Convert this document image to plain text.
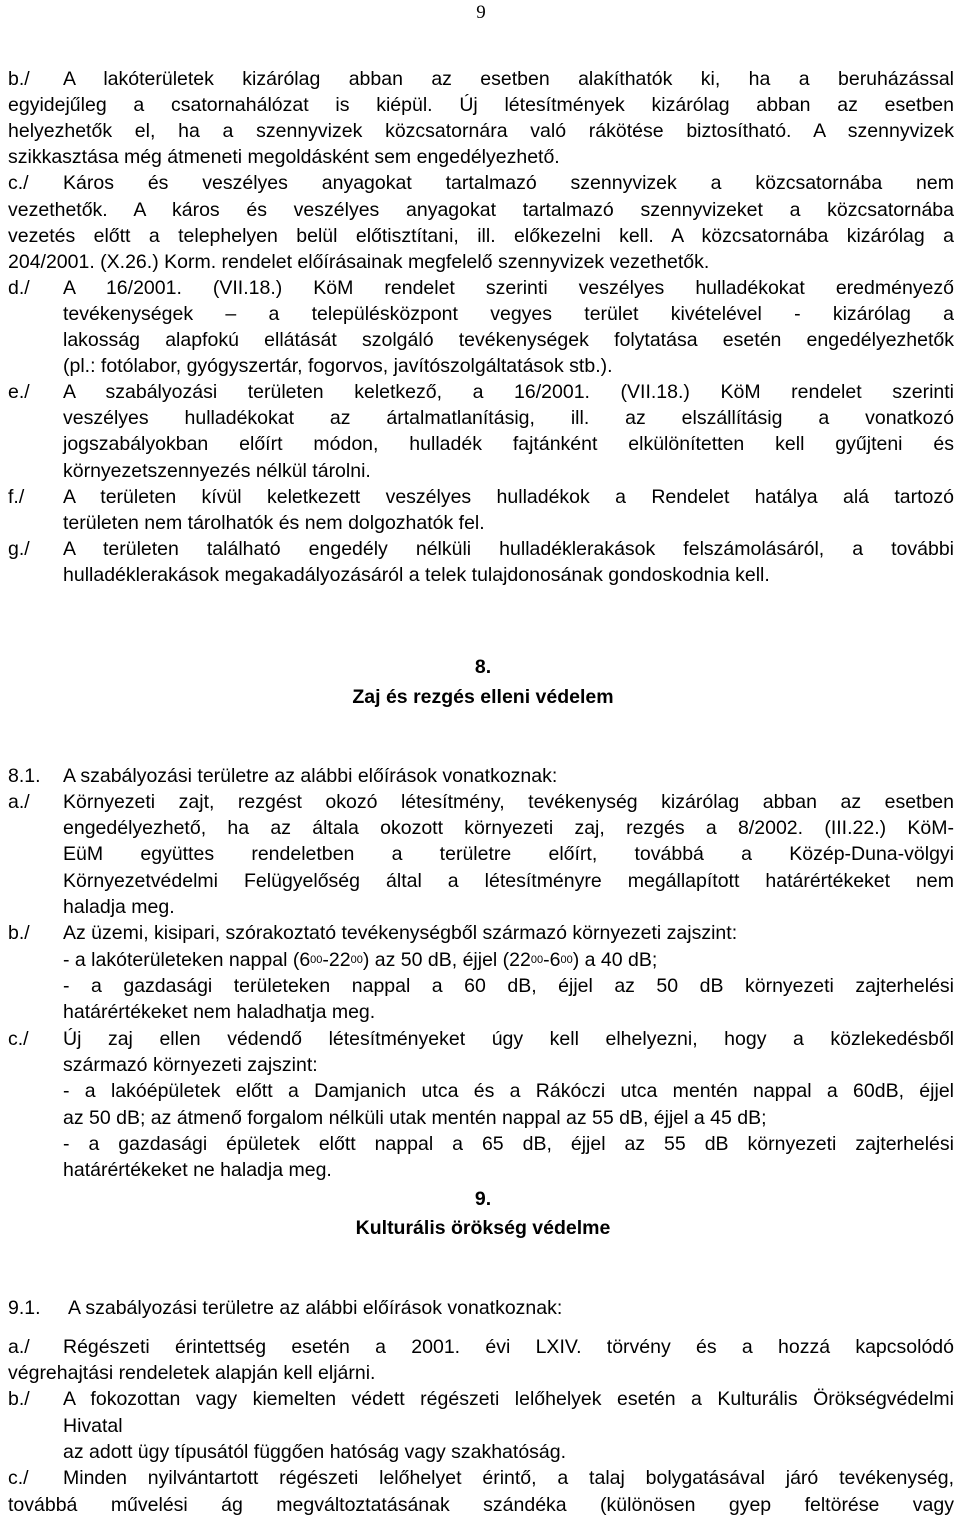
9
b./ A lakóterületek kizárólag abban az esetben alakíthatók ki, ha a beruházással
egyidejűleg a csatornahálózat is kiépül. Új létesítmények kizárólag abban az esetben
helyezhetők el, ha a szennyvizek közcsatornára való rákötése biztosítható. A szennyvizek
szikkasztása még átmeneti megoldásként sem engedélyezhető.
c./ Káros és veszélyes anyagokat tartalmazó szennyvizek a közcsatornába nem
vezethetők. A káros és veszélyes anyagokat tartalmazó szennyvizeket a közcsatornába
vezetés előtt a telephelyen belül előtisztítani, ill. előkezelni kell. A közcsatornába kizárólag a
204/2001. (X.26.) Korm. rendelet előírásainak megfelelő szennyvizek vezethetők.
d./ A 16/2001. (VII.18.) KöM rendelet szerinti veszélyes hulladékokat eredményező
tevékenységek – a településközpont vegyes terület kivételével - kizárólag a
lakosság alapfokú ellátását szolgáló tevékenységek folytatása esetén engedélyezhetők
(pl.: fotólabor, gyógyszertár, fogorvos, javítószolgáltatások stb.).
e./ A szabályozási területen keletkező, a 16/2001. (VII.18.) KöM rendelet szerinti
veszélyes hulladékokat az ártalmatlanításig, ill. az elszállításig a vonatkozó
jogszabályokban előírt módon, hulladék fajtánként elkülönítetten kell gyűjteni és
környezetszennyezés nélkül tárolni.
f./ A területen kívül keletkezett veszélyes hulladékok a Rendelet hatálya alá tartozó
területen nem tárolhatók és nem dolgozhatók fel.
g./ A területen található engedély nélküli hulladéklerakások felszámolásáról, a további
hulladéklerakások megakadályozásáról a telek tulajdonosának gondoskodnia kell.
8.
Zaj és rezgés elleni védelem
8.1. A szabályozási területre az alábbi előírások vonatkoznak:
a./ Környezeti zajt, rezgést okozó létesítmény, tevékenység kizárólag abban az esetben
engedélyezhető, ha az általa okozott környezeti zaj, rezgés a 8/2002. (III.22.) KöM-
EüM együttes rendeletben a területre előírt, továbbá a Közép-Duna-völgyi
Környezetvédelmi Felügyelőség által a létesítményre megállapított határértékeket nem
haladja meg.
b./ Az üzemi, kisipari, szórakoztató tevékenységből származó környezeti zajszint:
- a lakóterületeken nappal $(6^{00}-22^{00})$ az 50 dB, éjjel $(22^{00}-6^{00})$ a 40 dB;
- a gazdasági területeken nappal a 60 dB, éjjel az 50 dB környezeti zajterhelési
határértékeket nem haladhatja meg.
c./ Új zaj ellen védendő létesítményeket úgy kell elhelyezni, hogy a közlekedésből
származó környezeti zajszint:
- a lakóépületek előtt a Damjanich utca és a Rákóczi utca mentén nappal a 60dB, éjjel
az 50 dB; az átmenő forgalom nélküli utak mentén nappal az 55 dB, éjjel a 45 dB;
- a gazdasági épületek előtt nappal a 65 dB, éjjel az 55 dB környezeti zajterhelési
határértékeket ne haladja meg.
9.
Kulturális örökség védelme
9.1. A szabályozási területre az alábbi előírások vonatkoznak:
a./ Régészeti érintettség esetén a 2001. évi LXIV. törvény és a hozzá kapcsolódó
végrehajtási rendeletek alapján kell eljárni.
b./ A fokozottan vagy kiemelten védett régészeti lelőhelyek esetén a Kulturális Örökségvédelmi
Hivatal
az adott ügy típusától függően hatóság vagy szakhatóság.
c./ Minden nyilvántartott régészeti lelőhelyet érintő, a talaj bolygatásával járó tevékenység,
továbbá művelési ág megváltoztatásának szándéka (különösen gyep feltörése vagy
